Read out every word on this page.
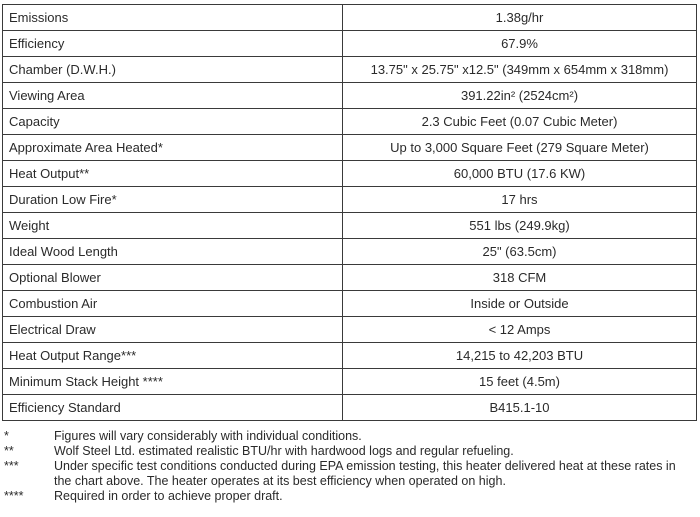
Emissions	1.38g/hr
Efficiency	67.9%
Chamber (D.W.H.)	13.75" x 25.75" x12.5" (349mm x 654mm x 318mm)
Viewing Area	391.22in² (2524cm²)
Capacity	2.3 Cubic Feet (0.07 Cubic Meter)
Approximate Area Heated*	Up to 3,000 Square Feet (279 Square Meter)
Heat Output**	60,000 BTU (17.6 KW)
Duration Low Fire*	17 hrs
Weight	551 lbs (249.9kg)
Ideal Wood Length	25" (63.5cm)
Optional Blower	318 CFM
Combustion Air	Inside or Outside
Electrical Draw	< 12 Amps
Heat Output Range***	14,215 to 42,203 BTU
Minimum Stack Height ****	15 feet (4.5m)
Efficiency Standard	B415.1-10
*	Figures will vary considerably with individual conditions.
**	Wolf Steel Ltd. estimated realistic BTU/hr with hardwood logs and regular refueling.
***	Under specific test conditions conducted during EPA emission testing, this heater delivered heat at these rates in the chart above. The heater operates at its best efficiency when operated on high.
****	Required in order to achieve proper draft.
